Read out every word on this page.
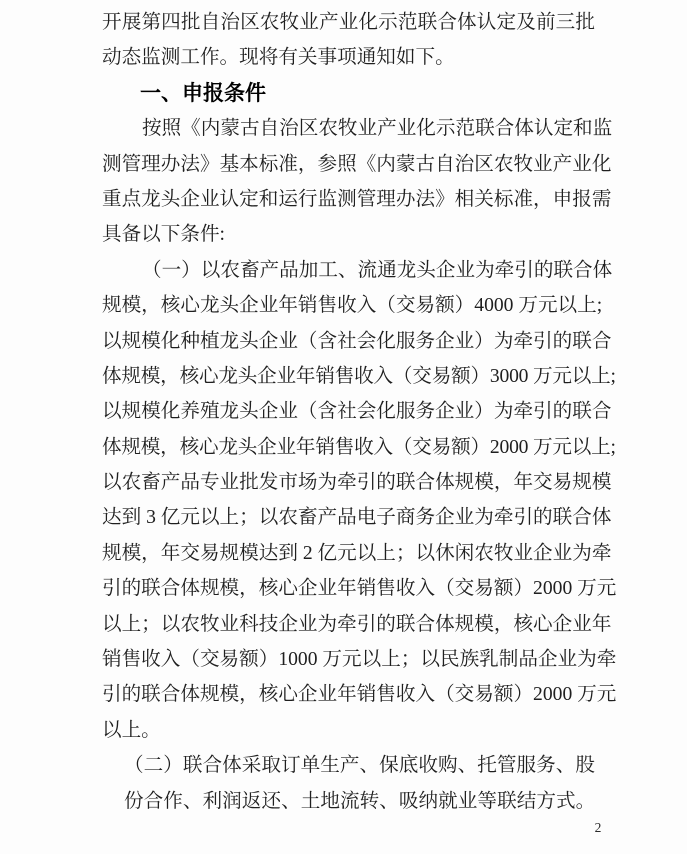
开展第四批自治区农牧业产业化示范联合体认定及前三批
动态监测工作。现将有关事项通知如下。
一、申报条件
按照《内蒙古自治区农牧业产业化示范联合体认定和监
测管理办法》基本标准，参照《内蒙古自治区农牧业产业化
重点龙头企业认定和运行监测管理办法》相关标准，申报需
具备以下条件:
（一）以农畜产品加工、流通龙头企业为牵引的联合体
规模，核心龙头企业年销售收入（交易额）4000 万元以上;
以规模化种植龙头企业（含社会化服务企业）为牵引的联合
体规模，核心龙头企业年销售收入（交易额）3000 万元以上;
以规模化养殖龙头企业（含社会化服务企业）为牵引的联合
体规模，核心龙头企业年销售收入（交易额）2000 万元以上;
以农畜产品专业批发市场为牵引的联合体规模，年交易规模
达到 3 亿元以上；以农畜产品电子商务企业为牵引的联合体
规模，年交易规模达到 2 亿元以上；以休闲农牧业企业为牵
引的联合体规模，核心企业年销售收入（交易额）2000 万元
以上；以农牧业科技企业为牵引的联合体规模，核心企业年
销售收入（交易额）1000 万元以上；以民族乳制品企业为牵
引的联合体规模，核心企业年销售收入（交易额）2000 万元
以上。
（二）联合体采取订单生产、保底收购、托管服务、股
份合作、利润返还、土地流转、吸纳就业等联结方式。
2
